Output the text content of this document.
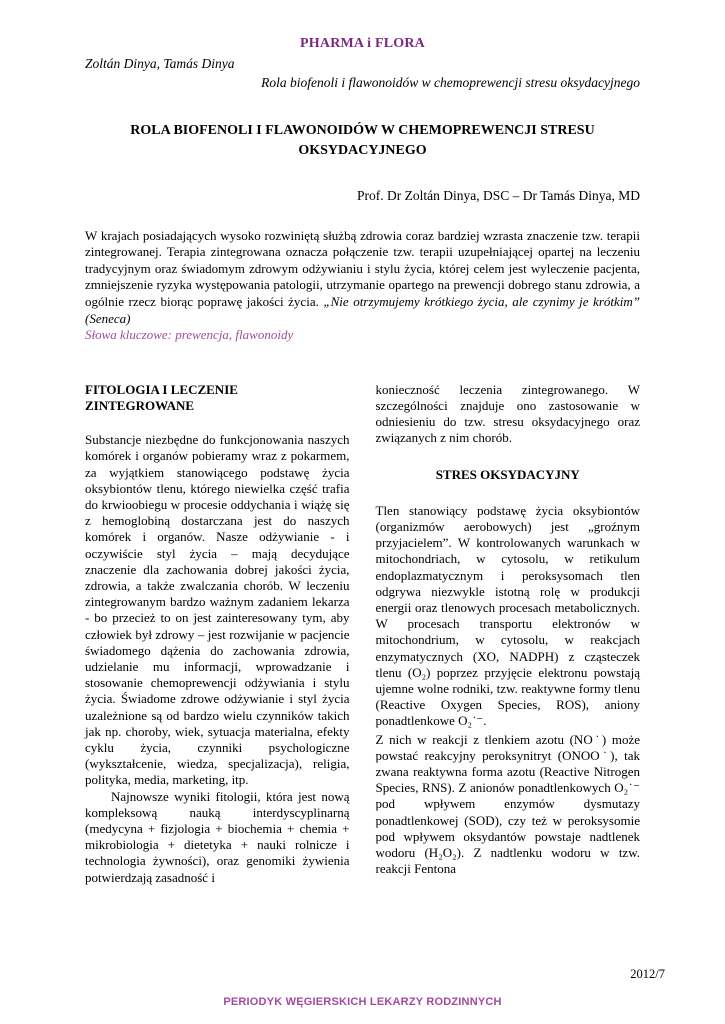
PHARMA i FLORA
Zoltán Dinya, Tamás Dinya
Rola biofenoli i flawonoidów w chemoprewencji stresu oksydacyjnego
ROLA BIOFENOLI I FLAWONOIDÓW W CHEMOPREWENCJI STRESU OKSYDACYJNEGO
Prof. Dr Zoltán Dinya, DSC – Dr Tamás Dinya, MD

W krajach posiadających wysoko rozwiniętą służbą zdrowia coraz bardziej wzrasta znaczenie tzw. terapii zintegrowanej. Terapia zintegrowana oznacza połączenie tzw. terapii uzupełniającej opartej na leczeniu tradycyjnym oraz świadomym zdrowym odżywianiu i stylu życia, której celem jest wyleczenie pacjenta, zmniejszenie ryzyka występowania patologii, utrzymanie opartego na prewencji dobrego stanu zdrowia, a ogólnie rzecz biorąc poprawę jakości życia. „Nie otrzymujemy krótkiego życia, ale czynimy je krótkim” (Seneca)

Słowa kluczowe: prewencja, flawonoidy

FITOLOGIA I LECZENIE ZINTEGROWANE

Substancje niezbędne do funkcjonowania naszych komórek i organów pobieramy wraz z pokarmem, za wyjątkiem stanowiącego podstawę życia oksybiontów tlenu, którego niewielka część trafia do krwioobiegu w procesie oddychania i wiążę się z hemoglobiną dostarczana jest do naszych komórek i organów. Nasze odżywianie - i oczywiście styl życia – mają decydujące znaczenie dla zachowania dobrej jakości życia, zdrowia, a także zwalczania chorób. W leczeniu zintegrowanym bardzo ważnym zadaniem lekarza - bo przecież to on jest zainteresowany tym, aby człowiek był zdrowy – jest rozwijanie w pacjencie świadomego dążenia do zachowania zdrowia, udzielanie mu informacji, wprowadzanie i stosowanie chemoprewencji odżywiania i stylu życia. Świadome zdrowe odżywianie i styl życia uzależnione są od bardzo wielu czynników takich jak np. choroby, wiek, sytuacja materialna, efekty cyklu życia, czynniki psychologiczne (wykształcenie, wiedza, specjalizacja), religia, polityka, media, marketing, itp.

Najnowsze wyniki fitologii, która jest nową kompleksową nauką interdyscyplinarną (medycyna + fizjologia + biochemia + chemia + mikrobiologia + dietetyka + nauki rolnicze i technologia żywności), oraz genomiki żywienia potwierdzają zasadność i

konieczność leczenia zintegrowanego. W szczególności znajduje ono zastosowanie w odniesieniu do tzw. stresu oksydacyjnego oraz związanych z nim chorób.

STRES OKSYDACYJNY

Tlen stanowiący podstawę życia oksybiontów (organizmów aerobowych) jest „groźnym przyjacielem”. W kontrolowanych warunkach w mitochondriach, w cytosolu, w retikulum endoplazmatycznym i peroksysomach tlen odgrywa niezwykle istotną rolę w produkcji energii oraz tlenowych procesach metabolicznych. W procesach transportu elektronów w mitochondrium, w cytosolu, w reakcjach enzymatycznych (XO, NADPH) z cząsteczek tlenu (O₂) poprzez przyjęcie elektronu powstają ujemne wolne rodniki, tzw. reaktywne formy tlenu (Reactive Oxygen Species, ROS), aniony ponadtlenkowe O₂˙⁻.

Z nich w reakcji z tlenkiem azotu (NO˙) może powstać reakcyjny peroksynitryt (ONOO˙), tak zwana reaktywna forma azotu (Reactive Nitrogen Species, RNS). Z anionów ponadtlenkowych O₂˙⁻ pod wpływem enzymów dysmutazy ponadtlenkowej (SOD), czy też w peroksysomie pod wpływem oksydantów powstaje nadtlenek wodoru (H₂O₂). Z nadtlenku wodoru w tzw. reakcji Fentona

2012/7
PERIODYK WĘGIERSKICH LEKARZY RODZINNYCH
